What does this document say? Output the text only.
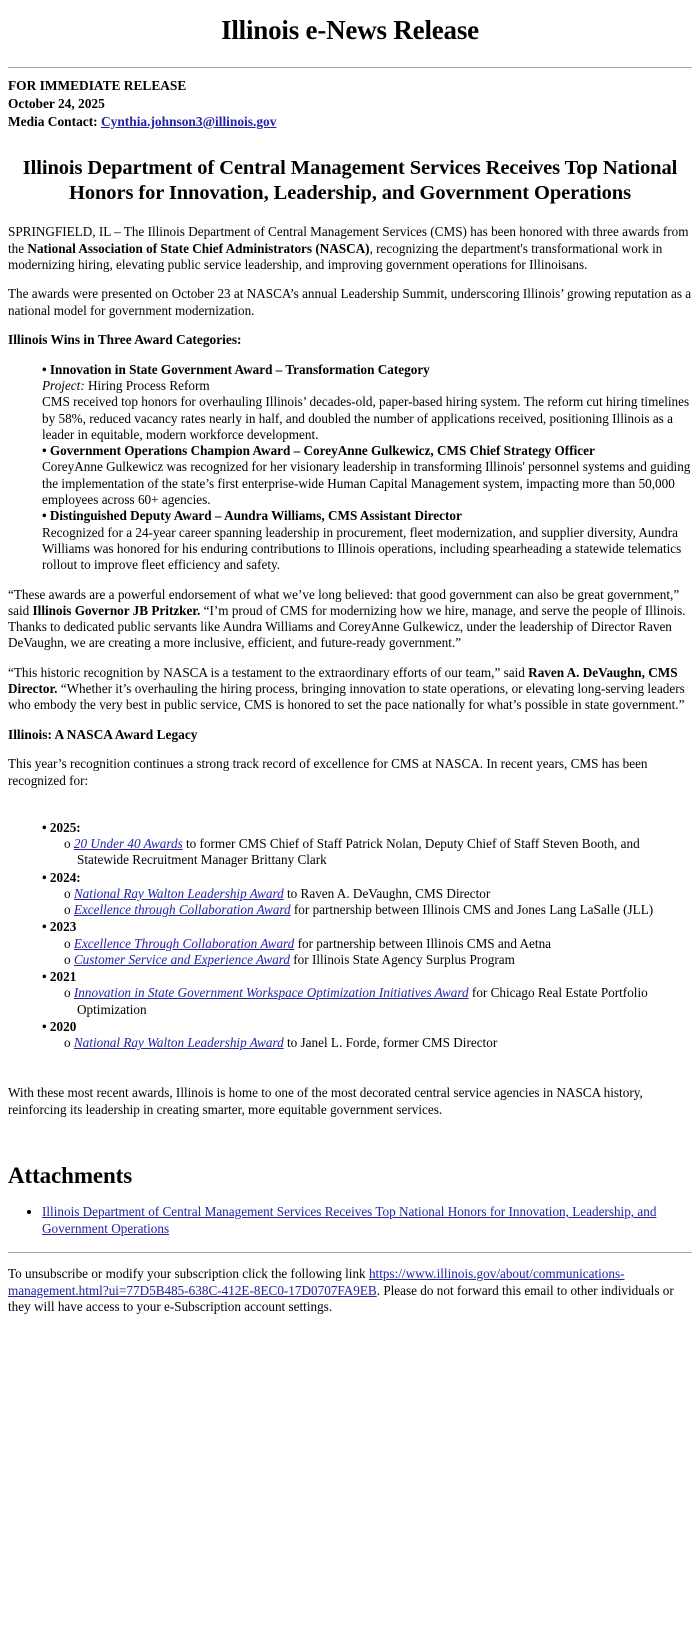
Illinois e-News Release
FOR IMMEDIATE RELEASE
October 24, 2025
Media Contact: Cynthia.johnson3@illinois.gov
Illinois Department of Central Management Services Receives Top National Honors for Innovation, Leadership, and Government Operations

SPRINGFIELD, IL – The Illinois Department of Central Management Services (CMS) has been honored with three awards from the National Association of State Chief Administrators (NASCA), recognizing the department's transformational work in modernizing hiring, elevating public service leadership, and improving government operations for Illinoisans.

The awards were presented on October 23 at NASCA’s annual Leadership Summit, underscoring Illinois’ growing reputation as a national model for government modernization.

Illinois Wins in Three Award Categories:

• Innovation in State Government Award – Transformation Category

Project: Hiring Process Reform

CMS received top honors for overhauling Illinois’ decades-old, paper-based hiring system. The reform cut hiring timelines by 58%, reduced vacancy rates nearly in half, and doubled the number of applications received, positioning Illinois as a leader in equitable, modern workforce development.

• Government Operations Champion Award – CoreyAnne Gulkewicz, CMS Chief Strategy Officer

CoreyAnne Gulkewicz was recognized for her visionary leadership in transforming Illinois' personnel systems and guiding the implementation of the state’s first enterprise-wide Human Capital Management system, impacting more than 50,000 employees across 60+ agencies.

• Distinguished Deputy Award – Aundra Williams, CMS Assistant Director

Recognized for a 24-year career spanning leadership in procurement, fleet modernization, and supplier diversity, Aundra Williams was honored for his enduring contributions to Illinois operations, including spearheading a statewide telematics rollout to improve fleet efficiency and safety.

“These awards are a powerful endorsement of what we’ve long believed: that good government can also be great government,” said Illinois Governor JB Pritzker. “I’m proud of CMS for modernizing how we hire, manage, and serve the people of Illinois. Thanks to dedicated public servants like Aundra Williams and CoreyAnne Gulkewicz, under the leadership of Director Raven DeVaughn, we are creating a more inclusive, efficient, and future-ready government.”

“This historic recognition by NASCA is a testament to the extraordinary efforts of our team,” said Raven A. DeVaughn, CMS Director. “Whether it’s overhauling the hiring process, bringing innovation to state operations, or elevating long-serving leaders who embody the very best in public service, CMS is honored to set the pace nationally for what’s possible in state government.”

Illinois: A NASCA Award Legacy

This year’s recognition continues a strong track record of excellence for CMS at NASCA. In recent years, CMS has been recognized for:

• 2025:
o 20 Under 40 Awards to former CMS Chief of Staff Patrick Nolan, Deputy Chief of Staff Steven Booth, and Statewide Recruitment Manager Brittany Clark
• 2024:
o National Ray Walton Leadership Award to Raven A. DeVaughn, CMS Director
o Excellence through Collaboration Award for partnership between Illinois CMS and Jones Lang LaSalle (JLL)
• 2023
o Excellence Through Collaboration Award for partnership between Illinois CMS and Aetna
o Customer Service and Experience Award for Illinois State Agency Surplus Program
• 2021
o Innovation in State Government Workspace Optimization Initiatives Award for Chicago Real Estate Portfolio Optimization
• 2020
o National Ray Walton Leadership Award to Janel L. Forde, former CMS Director

With these most recent awards, Illinois is home to one of the most decorated central service agencies in NASCA history, reinforcing its leadership in creating smarter, more equitable government services.

Attachments
• Illinois Department of Central Management Services Receives Top National Honors for Innovation, Leadership, and Government Operations

To unsubscribe or modify your subscription click the following link https://www.illinois.gov/about/communications-management.html?ui=77D5B485-638C-412E-8EC0-17D0707FA9EB. Please do not forward this email to other individuals or they will have access to your e-Subscription account settings.
